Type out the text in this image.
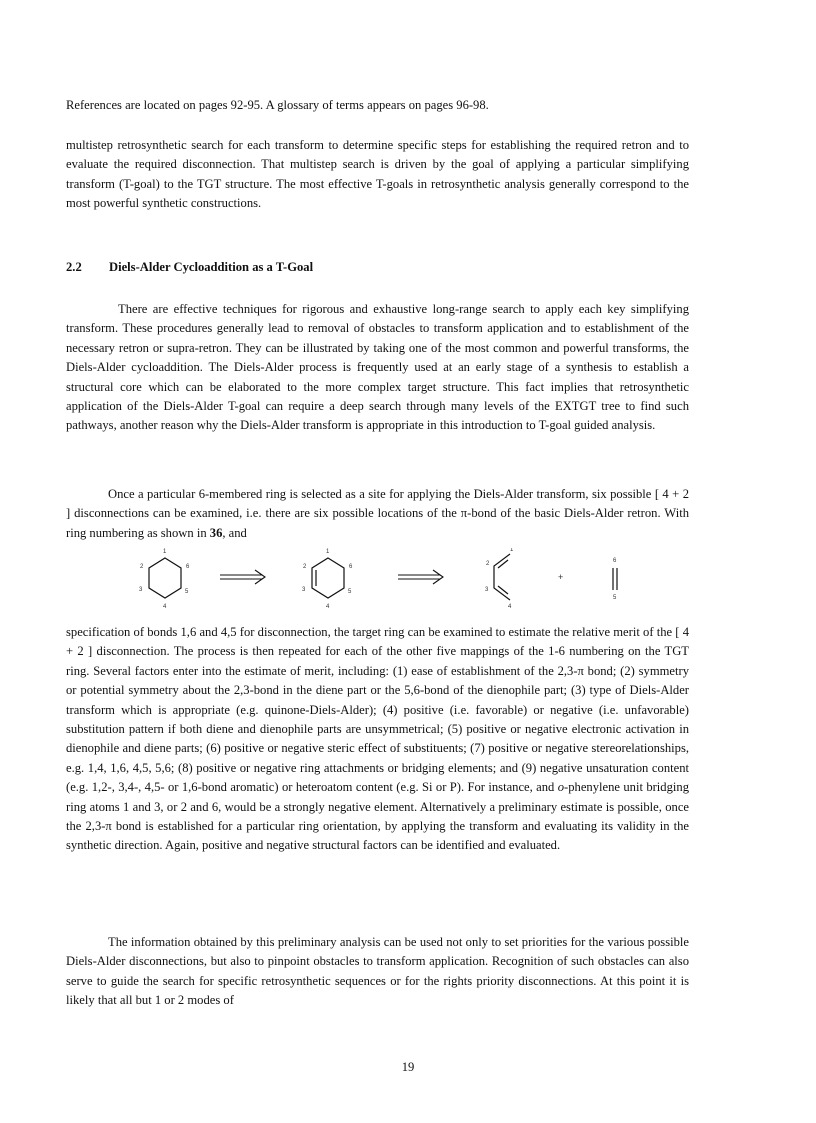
References are located on pages 92-95. A glossary of terms appears on pages 96-98.
multistep retrosynthetic search for each transform to determine specific steps for establishing the required retron and to evaluate the required disconnection. That multistep search is driven by the goal of applying a particular simplifying transform (T-goal) to the TGT structure. The most effective T-goals in retrosynthetic analysis generally correspond to the most powerful synthetic constructions.
2.2 Diels-Alder Cycloaddition as a T-Goal
There are effective techniques for rigorous and exhaustive long-range search to apply each key simplifying transform. These procedures generally lead to removal of obstacles to transform application and to establishment of the necessary retron or supra-retron. They can be illustrated by taking one of the most common and powerful transforms, the Diels-Alder cycloaddition. The Diels-Alder process is frequently used at an early stage of a synthesis to establish a structural core which can be elaborated to the more complex target structure. This fact implies that retrosynthetic application of the Diels-Alder T-goal can require a deep search through many levels of the EXTGT tree to find such pathways, another reason why the Diels-Alder transform is appropriate in this introduction to T-goal guided analysis.
Once a particular 6-membered ring is selected as a site for applying the Diels-Alder transform, six possible [ 4 + 2 ] disconnections can be examined, i.e. there are six possible locations of the π-bond of the basic Diels-Alder retron. With ring numbering as shown in 36, and
1
2	6
3	5
4
1
2	6
3	5
4
1
2
3
4
+
6
5
specification of bonds 1,6 and 4,5 for disconnection, the target ring can be examined to estimate the relative merit of the [ 4 + 2 ] disconnection. The process is then repeated for each of the other five mappings of the 1-6 numbering on the TGT ring. Several factors enter into the estimate of merit, including: (1) ease of establishment of the 2,3-π bond; (2) symmetry or potential symmetry about the 2,3-bond in the diene part or the 5,6-bond of the dienophile part; (3) type of Diels-Alder transform which is appropriate (e.g. quinone-Diels-Alder); (4) positive (i.e. favorable) or negative (i.e. unfavorable) substitution pattern if both diene and dienophile parts are unsymmetrical; (5) positive or negative electronic activation in dienophile and diene parts; (6) positive or negative steric effect of substituents; (7) positive or negative stereorelationships, e.g. 1,4, 1,6, 4,5, 5,6; (8) positive or negative ring attachments or bridging elements; and (9) negative unsaturation content (e.g. 1,2-, 3,4-, 4,5- or 1,6-bond aromatic) or heteroatom content (e.g. Si or P). For instance, and o-phenylene unit bridging ring atoms 1 and 3, or 2 and 6, would be a strongly negative element. Alternatively a preliminary estimate is possible, once the 2,3-π bond is established for a particular ring orientation, by applying the transform and evaluating its validity in the synthetic direction. Again, positive and negative structural factors can be identified and evaluated.
The information obtained by this preliminary analysis can be used not only to set priorities for the various possible Diels-Alder disconnections, but also to pinpoint obstacles to transform application. Recognition of such obstacles can also serve to guide the search for specific retrosynthetic sequences or for the rights priority disconnections. At this point it is likely that all but 1 or 2 modes of
19
